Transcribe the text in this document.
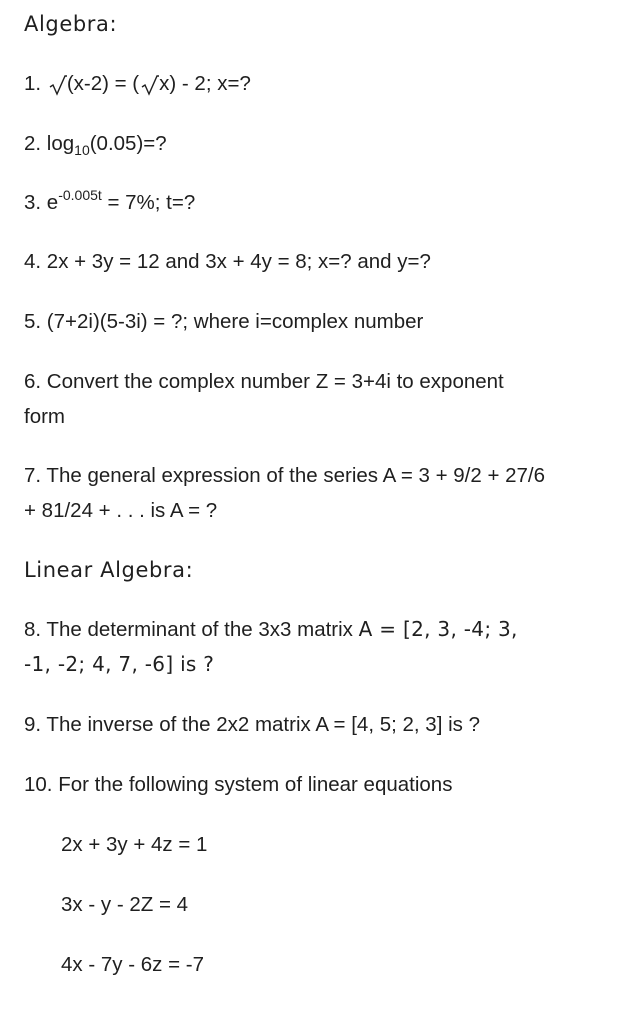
Algebra:
1. (x-2) = ( x) - 2; x=?
2. $\log_{10}(0.05)=$?
3. $e^{-0.005t} = 7\%$; t=?
4. 2x + 3y = 12 and 3x + 4y = 8; x=? and y=?
5. (7+2i)(5-3i) = ?; where i=complex number
6. Convert the complex number Z = 3+4i to exponent
form
7. The general expression of the series A = 3 + 9/2 + 27/6
+ 81/24 + . . . is A = ?
Linear Algebra:
8. The determinant of the 3x3 matrix A = [2, 3, -4; 3,
-1, -2; 4, 7, -6] is ?
9. The inverse of the 2x2 matrix A = [4, 5; 2, 3] is ?
10. For the following system of linear equations
2x + 3y + 4z = 1
3x - y - 2Z = 4
4x - 7y - 6z = -7
